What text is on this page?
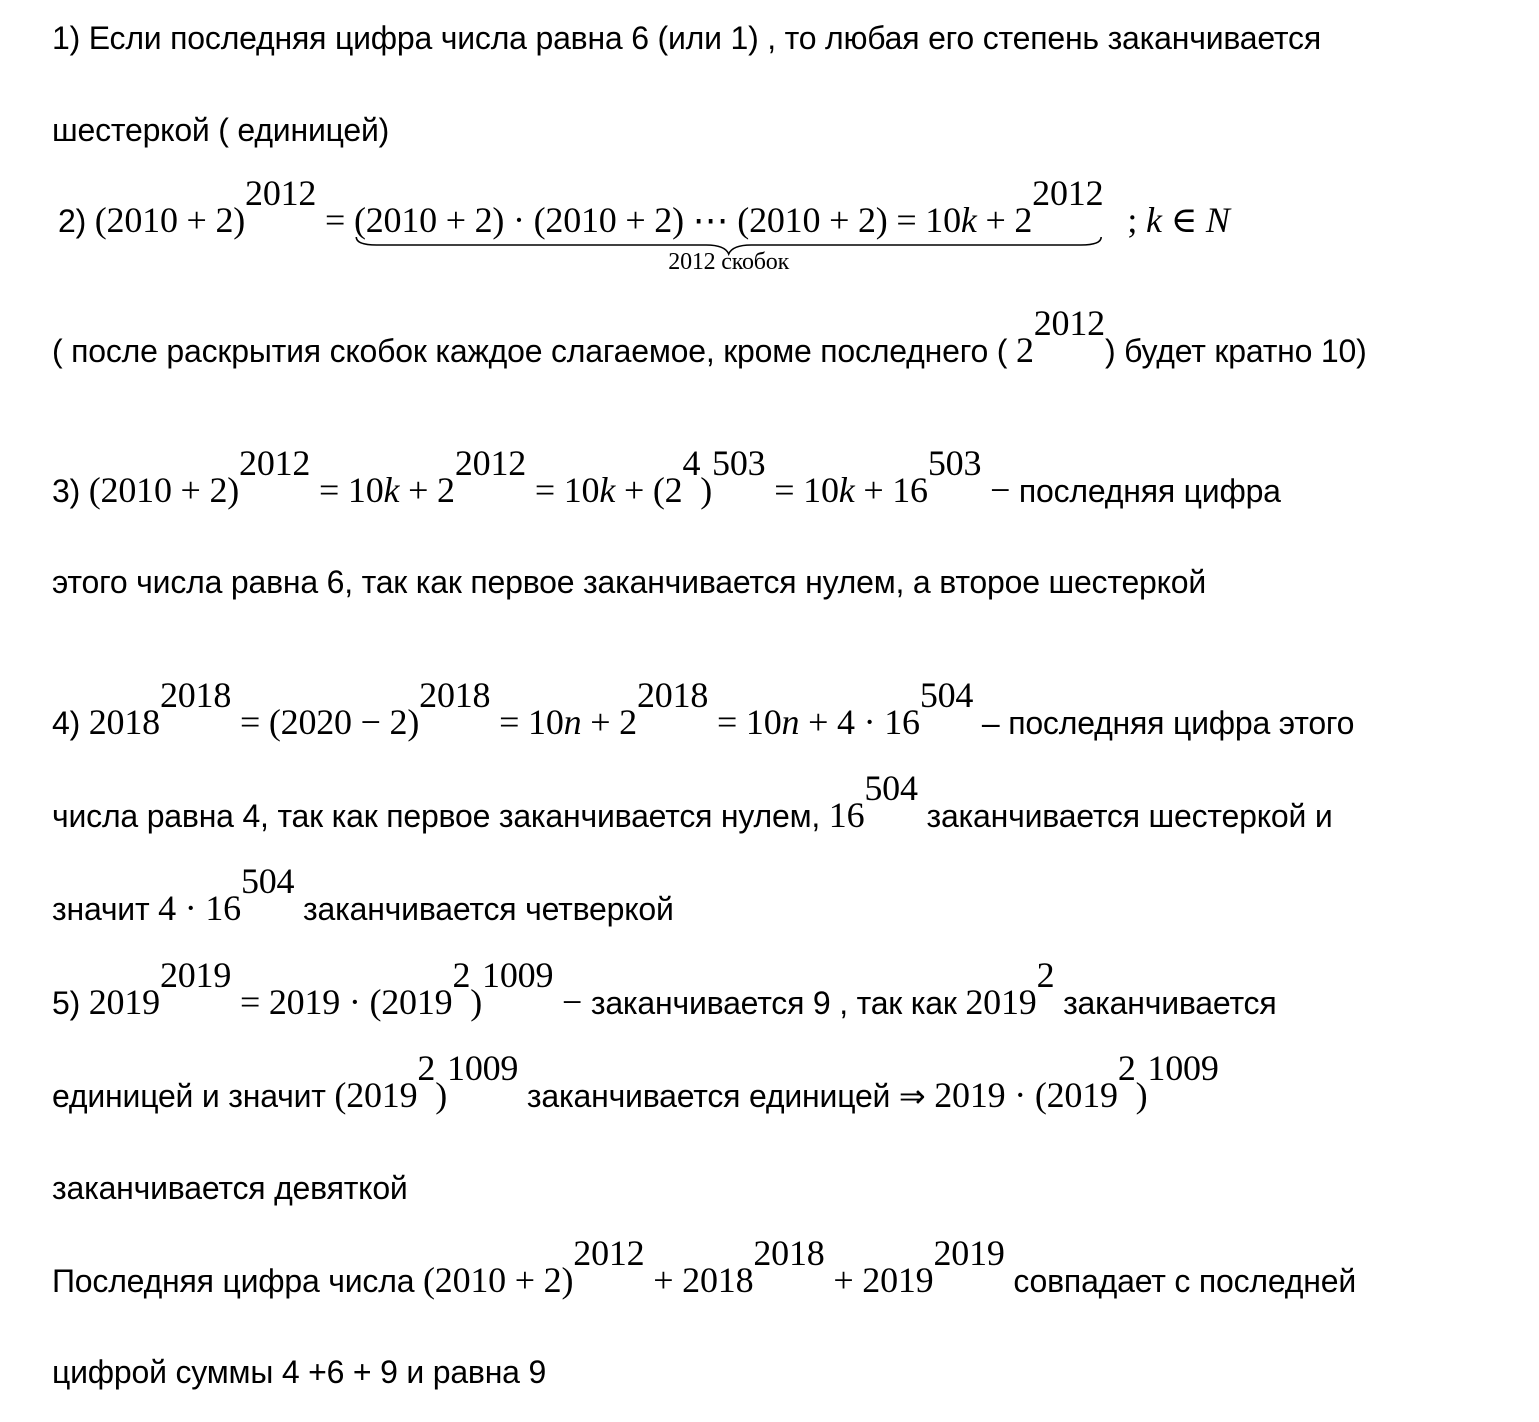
1) Если последняя цифра числа равна 6 (или 1) , то любая его степень заканчивается
шестеркой ( единицей)
2) $(2010 + 2)^{2012} = (2010 + 2) \cdot (2010 + 2)$ ⋯ $(2010 + 2) = 10k + 2^{2012}$
2012 скобок
; k ∈ N
( после раскрытия скобок каждое слагаемое, кроме последнего ( $2^{2012}$) будет кратно 10)
3) $(2010 + 2)^{2012} = 10k + 2^{2012} = 10k + (2^4)^{503} = 10k + 16^{503}$ − последняя цифра
этого числа равна 6, так как первое заканчивается нулем, а второе шестеркой
4) $2018^{2018} = (2020 - 2)^{2018} = 10n + 2^{2018} = 10n + 4 \cdot 16^{504}$ – последняя цифра этого
числа равна 4, так как первое заканчивается нулем, $16^{504}$ заканчивается шестеркой и
значит $4 \cdot 16^{504}$ заканчивается четверкой
5) $2019^{2019} = 2019 \cdot (2019^2)^{1009}$ − заканчивается 9 , так как 2019$^2$ заканчивается
единицей и значит $(2019^2)^{1009}$ заканчивается единицей ⇒ $2019 \cdot (2019^2)^{1009}$
заканчивается девяткой
Последняя цифра числа $(2010 + 2)^{2012} + 2018^{2018} + 2019^{2019}$ совпадает с последней
цифрой суммы 4 +6 + 9 и равна 9
